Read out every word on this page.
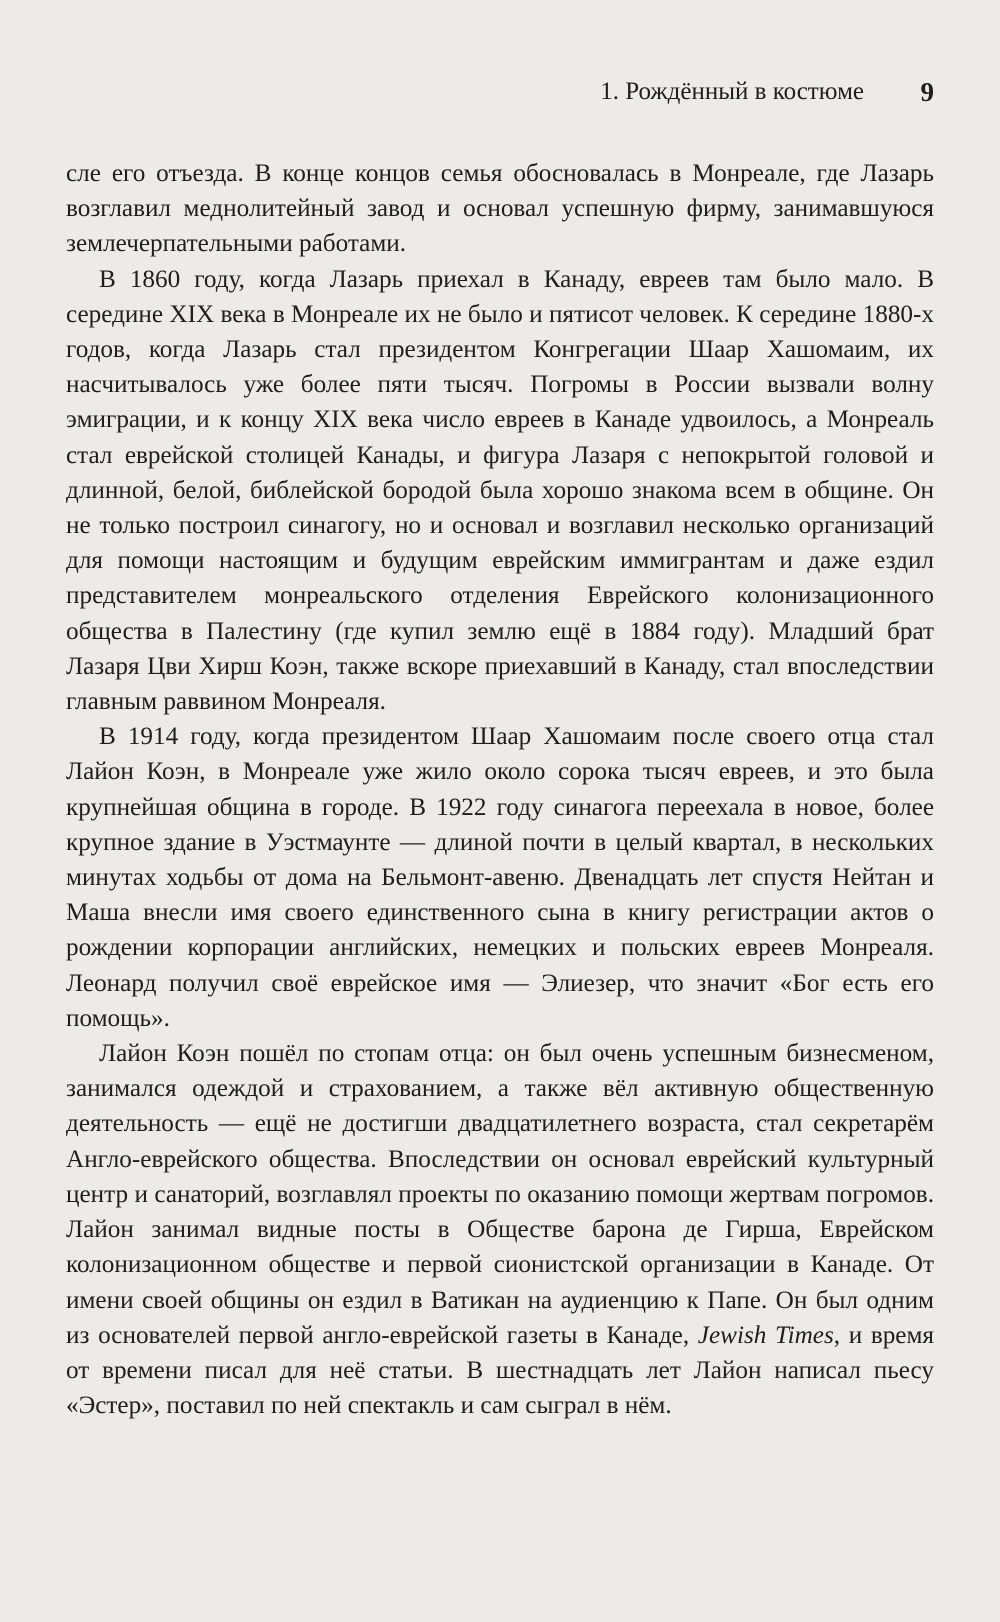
1. Рождённый в костюме 9

сле его отъезда. В конце концов семья обосновалась в Монреале, где Лазарь возглавил меднолитейный завод и основал успешную фирму, занимавшуюся землечерпательными работами.

В 1860 году, когда Лазарь приехал в Канаду, евреев там было мало. В середине XIX века в Монреале их не было и пятисот человек. К середине 1880-х годов, когда Лазарь стал президентом Конгрегации Шаар Хашомаим, их насчитывалось уже более пяти тысяч. Погромы в России вызвали волну эмиграции, и к концу XIX века число евреев в Канаде удвоилось, а Монреаль стал еврейской столицей Канады, и фигура Лазаря с непокрытой головой и длинной, белой, библейской бородой была хорошо знакома всем в общине. Он не только построил синагогу, но и основал и возглавил несколько организаций для помощи настоящим и будущим еврейским иммигрантам и даже ездил представителем монреальского отделения Еврейского колонизационного общества в Палестину (где купил землю ещё в 1884 году). Младший брат Лазаря Цви Хирш Коэн, также вскоре приехавший в Канаду, стал впоследствии главным раввином Монреаля.

В 1914 году, когда президентом Шаар Хашомаим после своего отца стал Лайон Коэн, в Монреале уже жило около сорока тысяч евреев, и это была крупнейшая община в городе. В 1922 году синагога переехала в новое, более крупное здание в Уэстмаунте — длиной почти в целый квартал, в нескольких минутах ходьбы от дома на Бельмонт-авеню. Двенадцать лет спустя Нейтан и Маша внесли имя своего единственного сына в книгу регистрации актов о рождении корпорации английских, немецких и польских евреев Монреаля. Леонард получил своё еврейское имя — Элиезер, что значит «Бог есть его помощь».

Лайон Коэн пошёл по стопам отца: он был очень успешным бизнесменом, занимался одеждой и страхованием, а также вёл активную общественную деятельность — ещё не достигши двадцатилетнего возраста, стал секретарём Англо-еврейского общества. Впоследствии он основал еврейский культурный центр и санаторий, возглавлял проекты по оказанию помощи жертвам погромов. Лайон занимал видные посты в Обществе барона де Гирша, Еврейском колонизационном обществе и первой сионистской организации в Канаде. От имени своей общины он ездил в Ватикан на аудиенцию к Папе. Он был одним из основателей первой англо-еврейской газеты в Канаде, Jewish Times, и время от времени писал для неё статьи. В шестнадцать лет Лайон написал пьесу «Эстер», поставил по ней спектакль и сам сыграл в нём.
